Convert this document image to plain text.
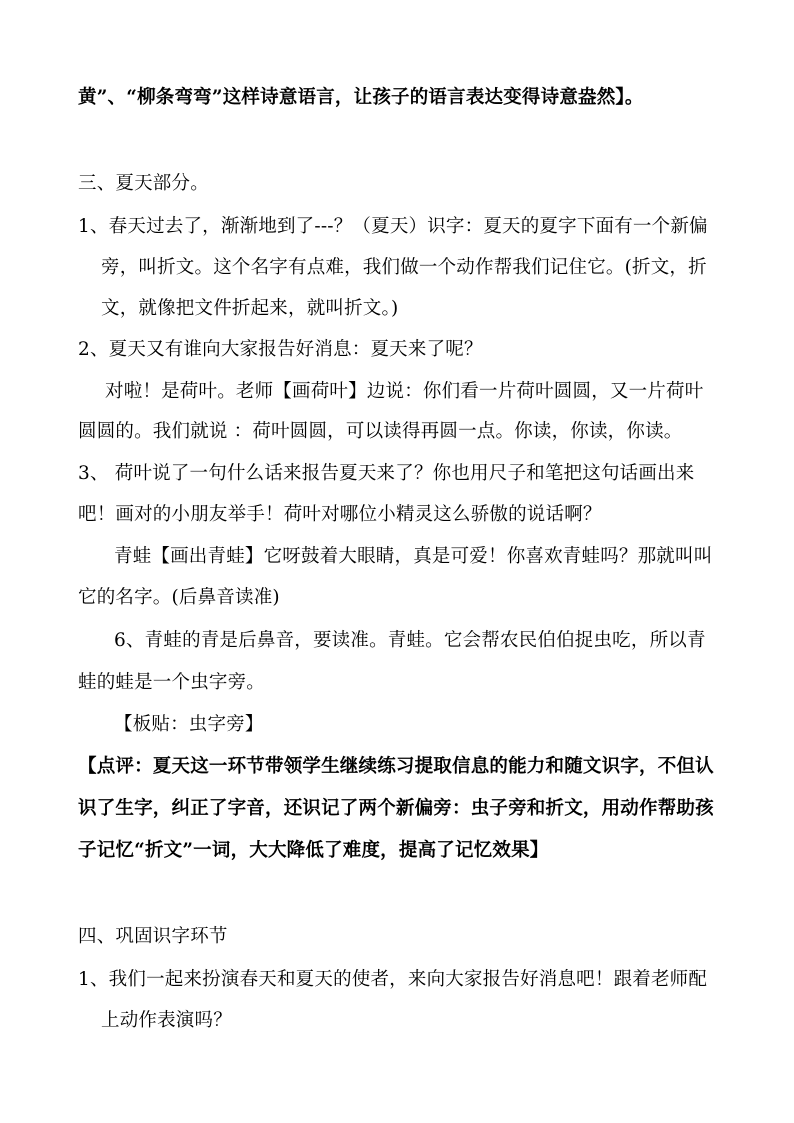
黄”、“柳条弯弯”这样诗意语言，让孩子的语言表达变得诗意盎然】。
三、夏天部分。
1、春天过去了，渐渐地到了---？（夏天）识字：夏天的夏字下面有一个新偏
旁，叫折文。这个名字有点难，我们做一个动作帮我们记住它。(折文，折
文，就像把文件折起来，就叫折文。)
2、夏天又有谁向大家报告好消息：夏天来了呢？
对啦！是荷叶。老师【画荷叶】边说：你们看一片荷叶圆圆，又一片荷叶
圆圆的。我们就说 ：荷叶圆圆，可以读得再圆一点。你读，你读，你读。
3、 荷叶说了一句什么话来报告夏天来了？你也用尺子和笔把这句话画出来
吧！画对的小朋友举手！荷叶对哪位小精灵这么骄傲的说话啊？
青蛙【画出青蛙】它呀鼓着大眼睛，真是可爱！你喜欢青蛙吗？那就叫叫
它的名字。(后鼻音读准)
6、青蛙的青是后鼻音，要读准。青蛙。它会帮农民伯伯捉虫吃，所以青
蛙的蛙是一个虫字旁。
【板贴：虫字旁】
【点评：夏天这一环节带领学生继续练习提取信息的能力和随文识字，不但认
识了生字，纠正了字音，还识记了两个新偏旁：虫子旁和折文，用动作帮助孩
子记忆“折文”一词，大大降低了难度，提高了记忆效果】
四、巩固识字环节
1、我们一起来扮演春天和夏天的使者，来向大家报告好消息吧！跟着老师配
上动作表演吗？
